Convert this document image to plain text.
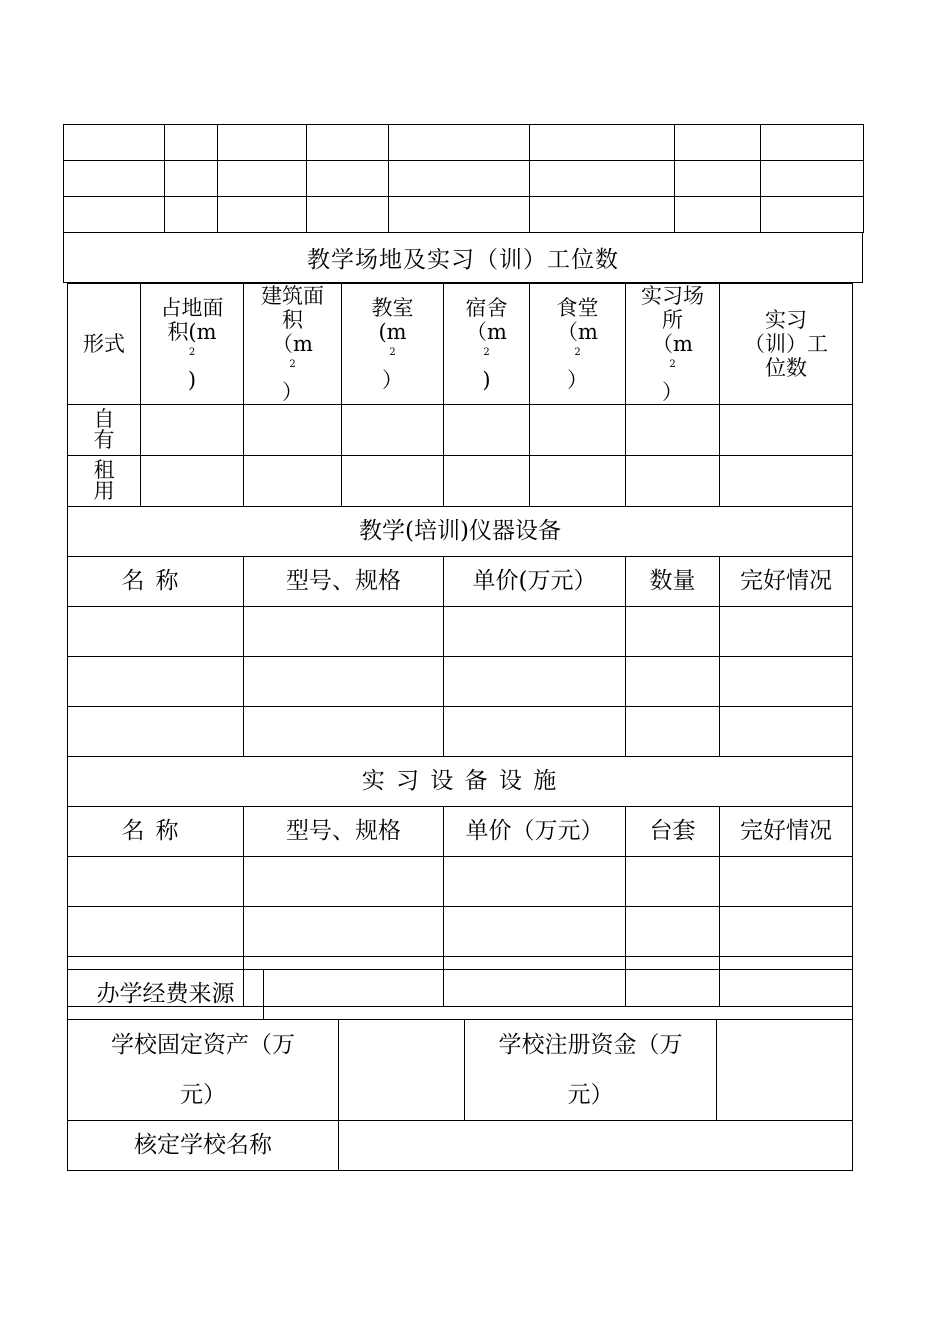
教学场地及实习（训）工位数
形式	占地面
积(m
$^2$
)	建筑面
积
（m
$^2$
）	教室
(m
$^2$
）	宿舍
（m
$^2$
)	食堂
（m
$^2$
）	实习场
所
（m
$^2$
）	实习
（训）工
位数

自有							

租用							

教学(培训)仪器设备							
名称		型号、规格		单价(万元）		数量	完好情况

实 习 设 备 设 施							
名称		型号、规格		单价（万元）		台套	完好情况

办学经费来源				
学校固定资产（万元）			学校注册资金（万元）	
核定学校名称				
